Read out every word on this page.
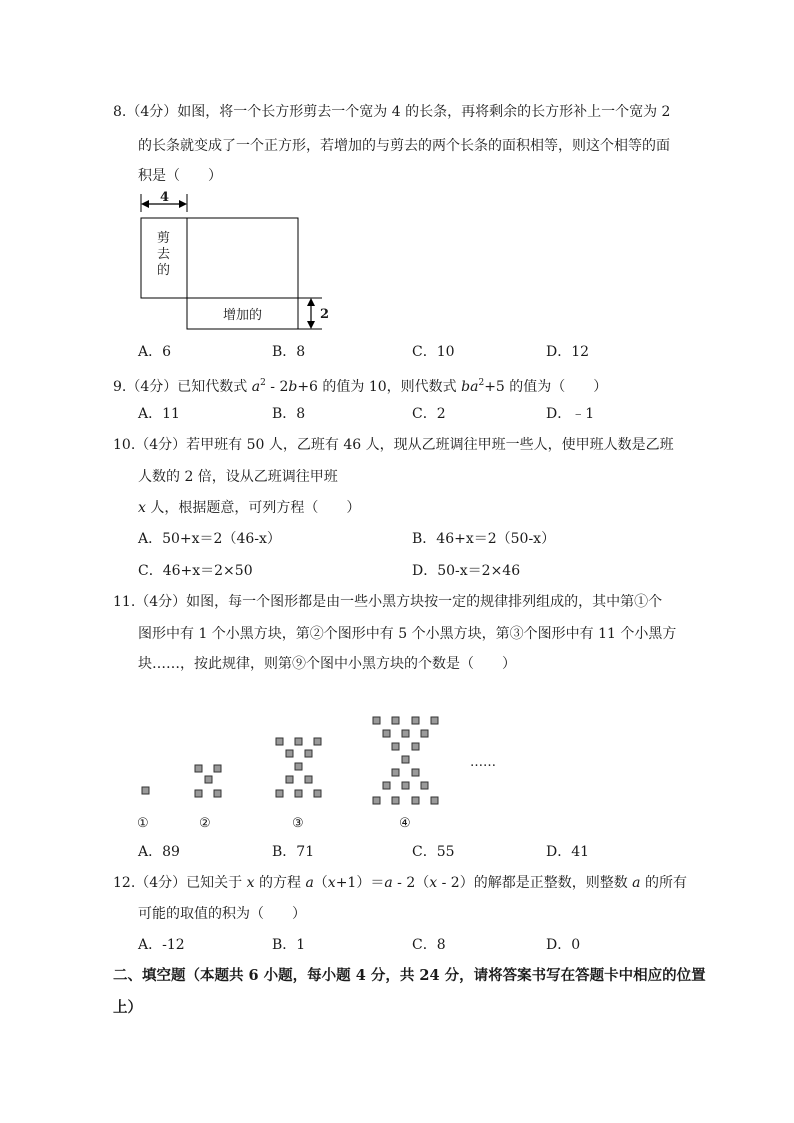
8.（4分）如图，将一个长方形剪去一个宽为 4 的长条，再将剩余的长方形补上一个宽为 2
的长条就变成了一个正方形，若增加的与剪去的两个长条的面积相等，则这个相等的面
积是（　　）
4
2
剪
去
的
增加的
A．6	B．8	C．10	D．12
9.（4分）已知代数式 $a^2 - 2b+6$ 的值为 10，则代数式 $ba^2+5$ 的值为（　　）
A．11	B．8	C．2	D．﹣1
10.（4分）若甲班有 50 人，乙班有 46 人，现从乙班调往甲班一些人，使甲班人数是乙班
人数的 2 倍，设从乙班调往甲班
x 人，根据题意，可列方程（　　）
A．50+x＝2（46-x）	B．46+x＝2（50-x）
C．46+x＝2×50	D．50-x＝2×46
11.（4分）如图，每一个图形都是由一些小黑方块按一定的规律排列组成的，其中第①个
图形中有 1 个小黑方块，第②个图形中有 5 个小黑方块，第③个图形中有 11 个小黑方
块……，按此规律，则第⑨个图中小黑方块的个数是（　　）
①	②	③	④
……
A．89	B．71	C．55	D．41
12.（4分）已知关于 x 的方程 a（x+1）＝a - 2（x - 2）的解都是正整数，则整数 a 的所有
可能的取值的积为（　　）
A．-12	B．1	C．8	D．0
二、填空题（本题共 6 小题，每小题 4 分，共 24 分，请将答案书写在答题卡中相应的位置
上）
